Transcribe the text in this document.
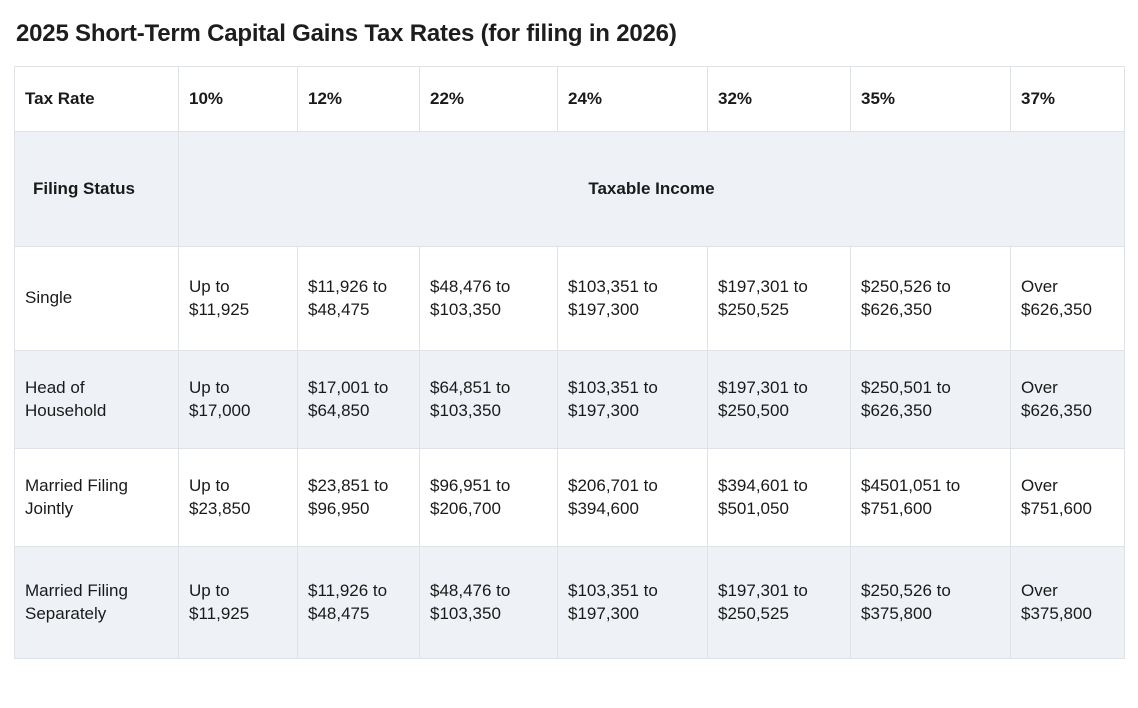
2025 Short-Term Capital Gains Tax Rates (for filing in 2026)
Tax Rate	10%	12%	22%	24%	32%	35%	37%
Filing Status	Taxable Income						
Single	Up to $11,925	$11,926 to $48,475	$48,476 to $103,350	$103,351 to $197,300	$197,301 to $250,525	$250,526 to $626,350	Over $626,350
Head of Household	Up to $17,000	$17,001 to $64,850	$64,851 to $103,350	$103,351 to $197,300	$197,301 to $250,500	$250,501 to $626,350	Over $626,350
Married Filing Jointly	Up to $23,850	$23,851 to $96,950	$96,951 to $206,700	$206,701 to $394,600	$394,601 to $501,050	$4501,051 to $751,600	Over $751,600
Married Filing Separately	Up to $11,925	$11,926 to $48,475	$48,476 to $103,350	$103,351 to $197,300	$197,301 to $250,525	$250,526 to $375,800	Over $375,800
